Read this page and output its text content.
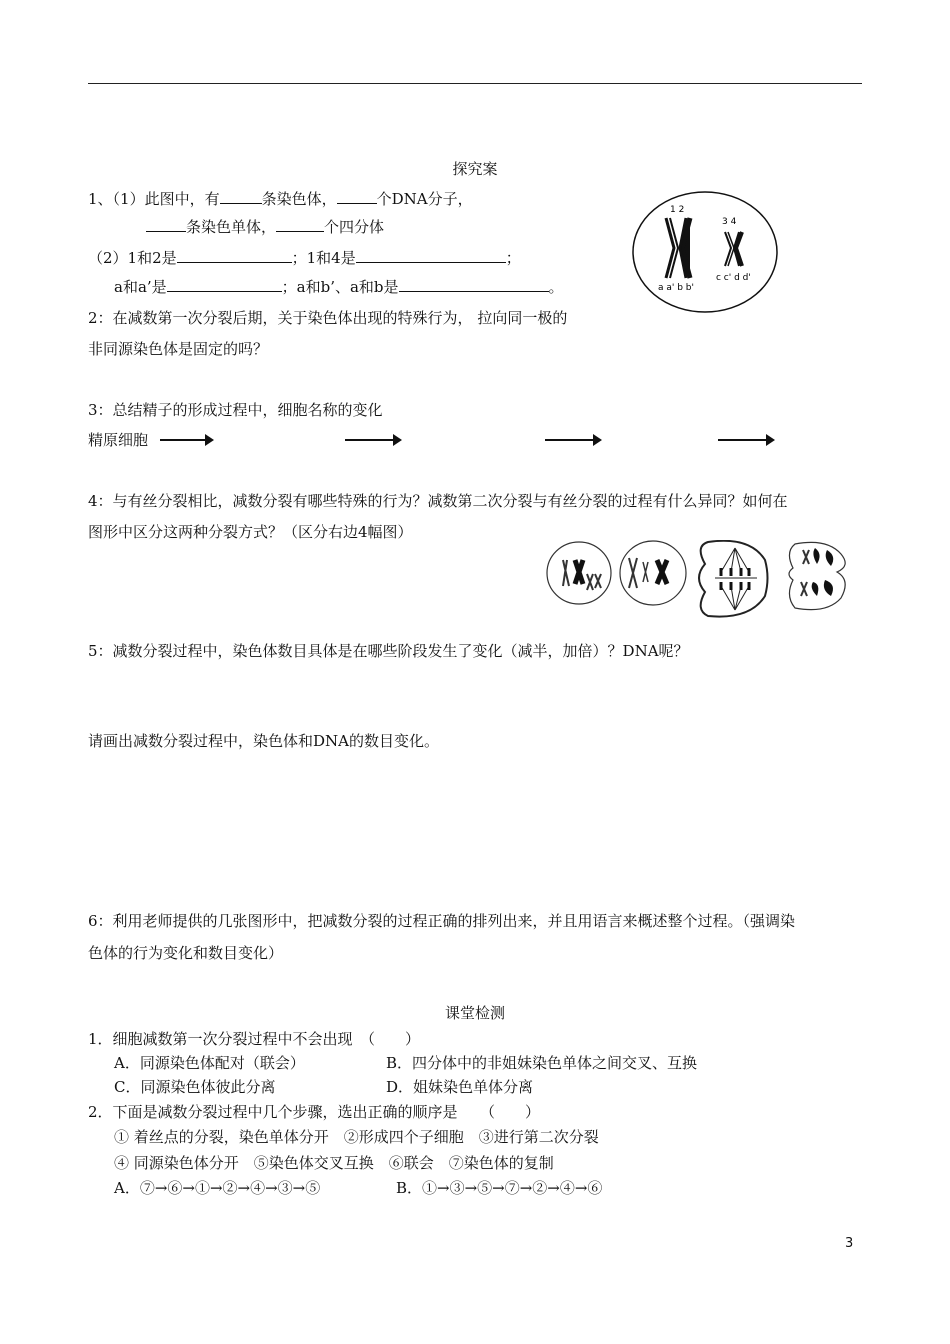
探究案
1、（1）此图中，有	条染色体，	个DNA分子，
条染色单体，	个四分体
（2）1和2是	；1和4是	；
a和a’是	；a和b’、a和b是	。
1 2
3 4
a a' b b'
c c' d d'
2：在减数第一次分裂后期，关于染色体出现的特殊行为， 拉向同一极的
非同源染色体是固定的吗？
3：总结精子的形成过程中，细胞名称的变化
精原细胞
4：与有丝分裂相比，减数分裂有哪些特殊的行为？减数第二次分裂与有丝分裂的过程有什么异同？如何在
图形中区分这两种分裂方式？（区分右边4幅图）
5：减数分裂过程中，染色体数目具体是在哪些阶段发生了变化（减半，加倍）？DNA呢？
请画出减数分裂过程中，染色体和DNA的数目变化。
6：利用老师提供的几张图形中，把减数分裂的过程正确的排列出来，并且用语言来概述整个过程。（强调染
色体的行为变化和数目变化）
课堂检测
1．细胞减数第一次分裂过程中不会出现　（　　）
A．同源染色体配对（联会）	B．四分体中的非姐妹染色单体之间交叉、互换
C．同源染色体彼此分离	D．姐妹染色单体分离
2．下面是减数分裂过程中几个步骤，选出正确的顺序是　　（　　）
① 着丝点的分裂，染色单体分开　②形成四个子细胞　③进行第二次分裂
④ 同源染色体分开　⑤染色体交叉互换　⑥联会　⑦染色体的复制
A．⑦→⑥→①→②→④→③→⑤	B．①→③→⑤→⑦→②→④→⑥
3
